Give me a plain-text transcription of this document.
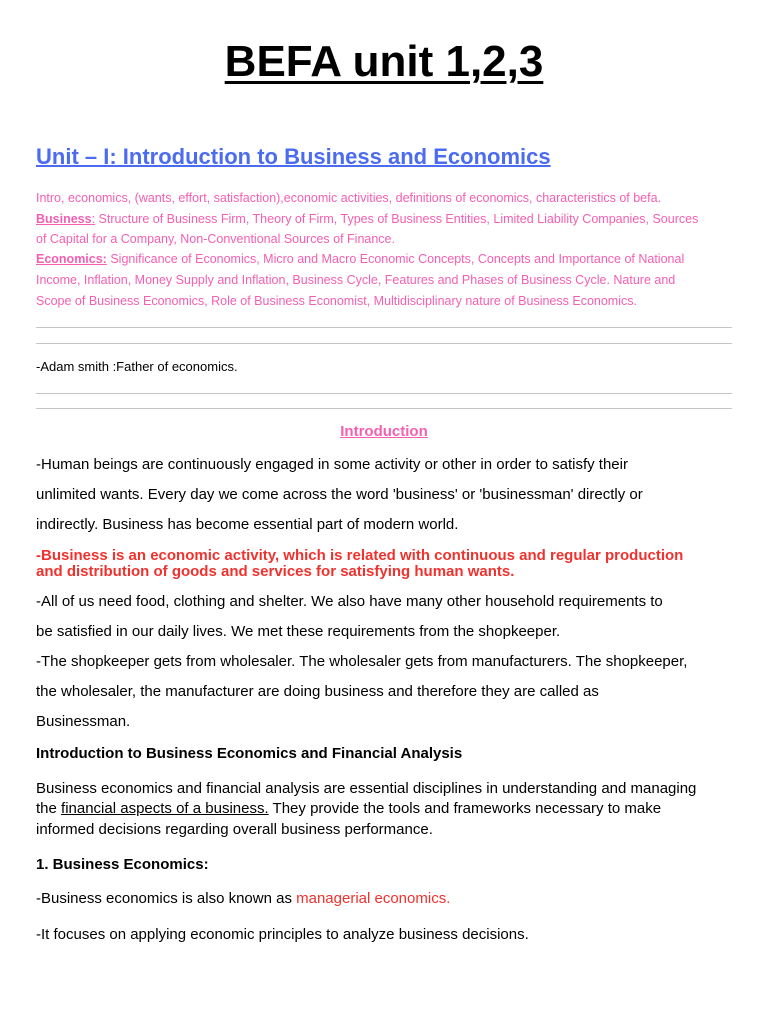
BEFA unit 1,2,3
Unit – I: Introduction to Business and Economics
Intro, economics, (wants, effort, satisfaction),economic activities, definitions of economics, characteristics of befa.
Business: Structure of Business Firm, Theory of Firm, Types of Business Entities, Limited Liability Companies, Sources
of Capital for a Company, Non-Conventional Sources of Finance.
Economics: Significance of Economics, Micro and Macro Economic Concepts, Concepts and Importance of National
Income, Inflation, Money Supply and Inflation, Business Cycle, Features and Phases of Business Cycle. Nature and
Scope of Business Economics, Role of Business Economist, Multidisciplinary nature of Business Economics.
-Adam smith :Father of economics.
Introduction
-Human beings are continuously engaged in some activity or other in order to satisfy their
unlimited wants. Every day we come across the word 'business' or 'businessman' directly or
indirectly. Business has become essential part of modern world.
-Business is an economic activity, which is related with continuous and regular production
and distribution of goods and services for satisfying human wants.
-All of us need food, clothing and shelter. We also have many other household requirements to
be satisfied in our daily lives. We met these requirements from the shopkeeper.
-The shopkeeper gets from wholesaler. The wholesaler gets from manufacturers. The shopkeeper,
the wholesaler, the manufacturer are doing business and therefore they are called as
Businessman.
Introduction to Business Economics and Financial Analysis
Business economics and financial analysis are essential disciplines in understanding and managing
the financial aspects of a business. They provide the tools and frameworks necessary to make
informed decisions regarding overall business performance.
1. Business Economics:
-Business economics is also known as managerial economics.
-It focuses on applying economic principles to analyze business decisions.
